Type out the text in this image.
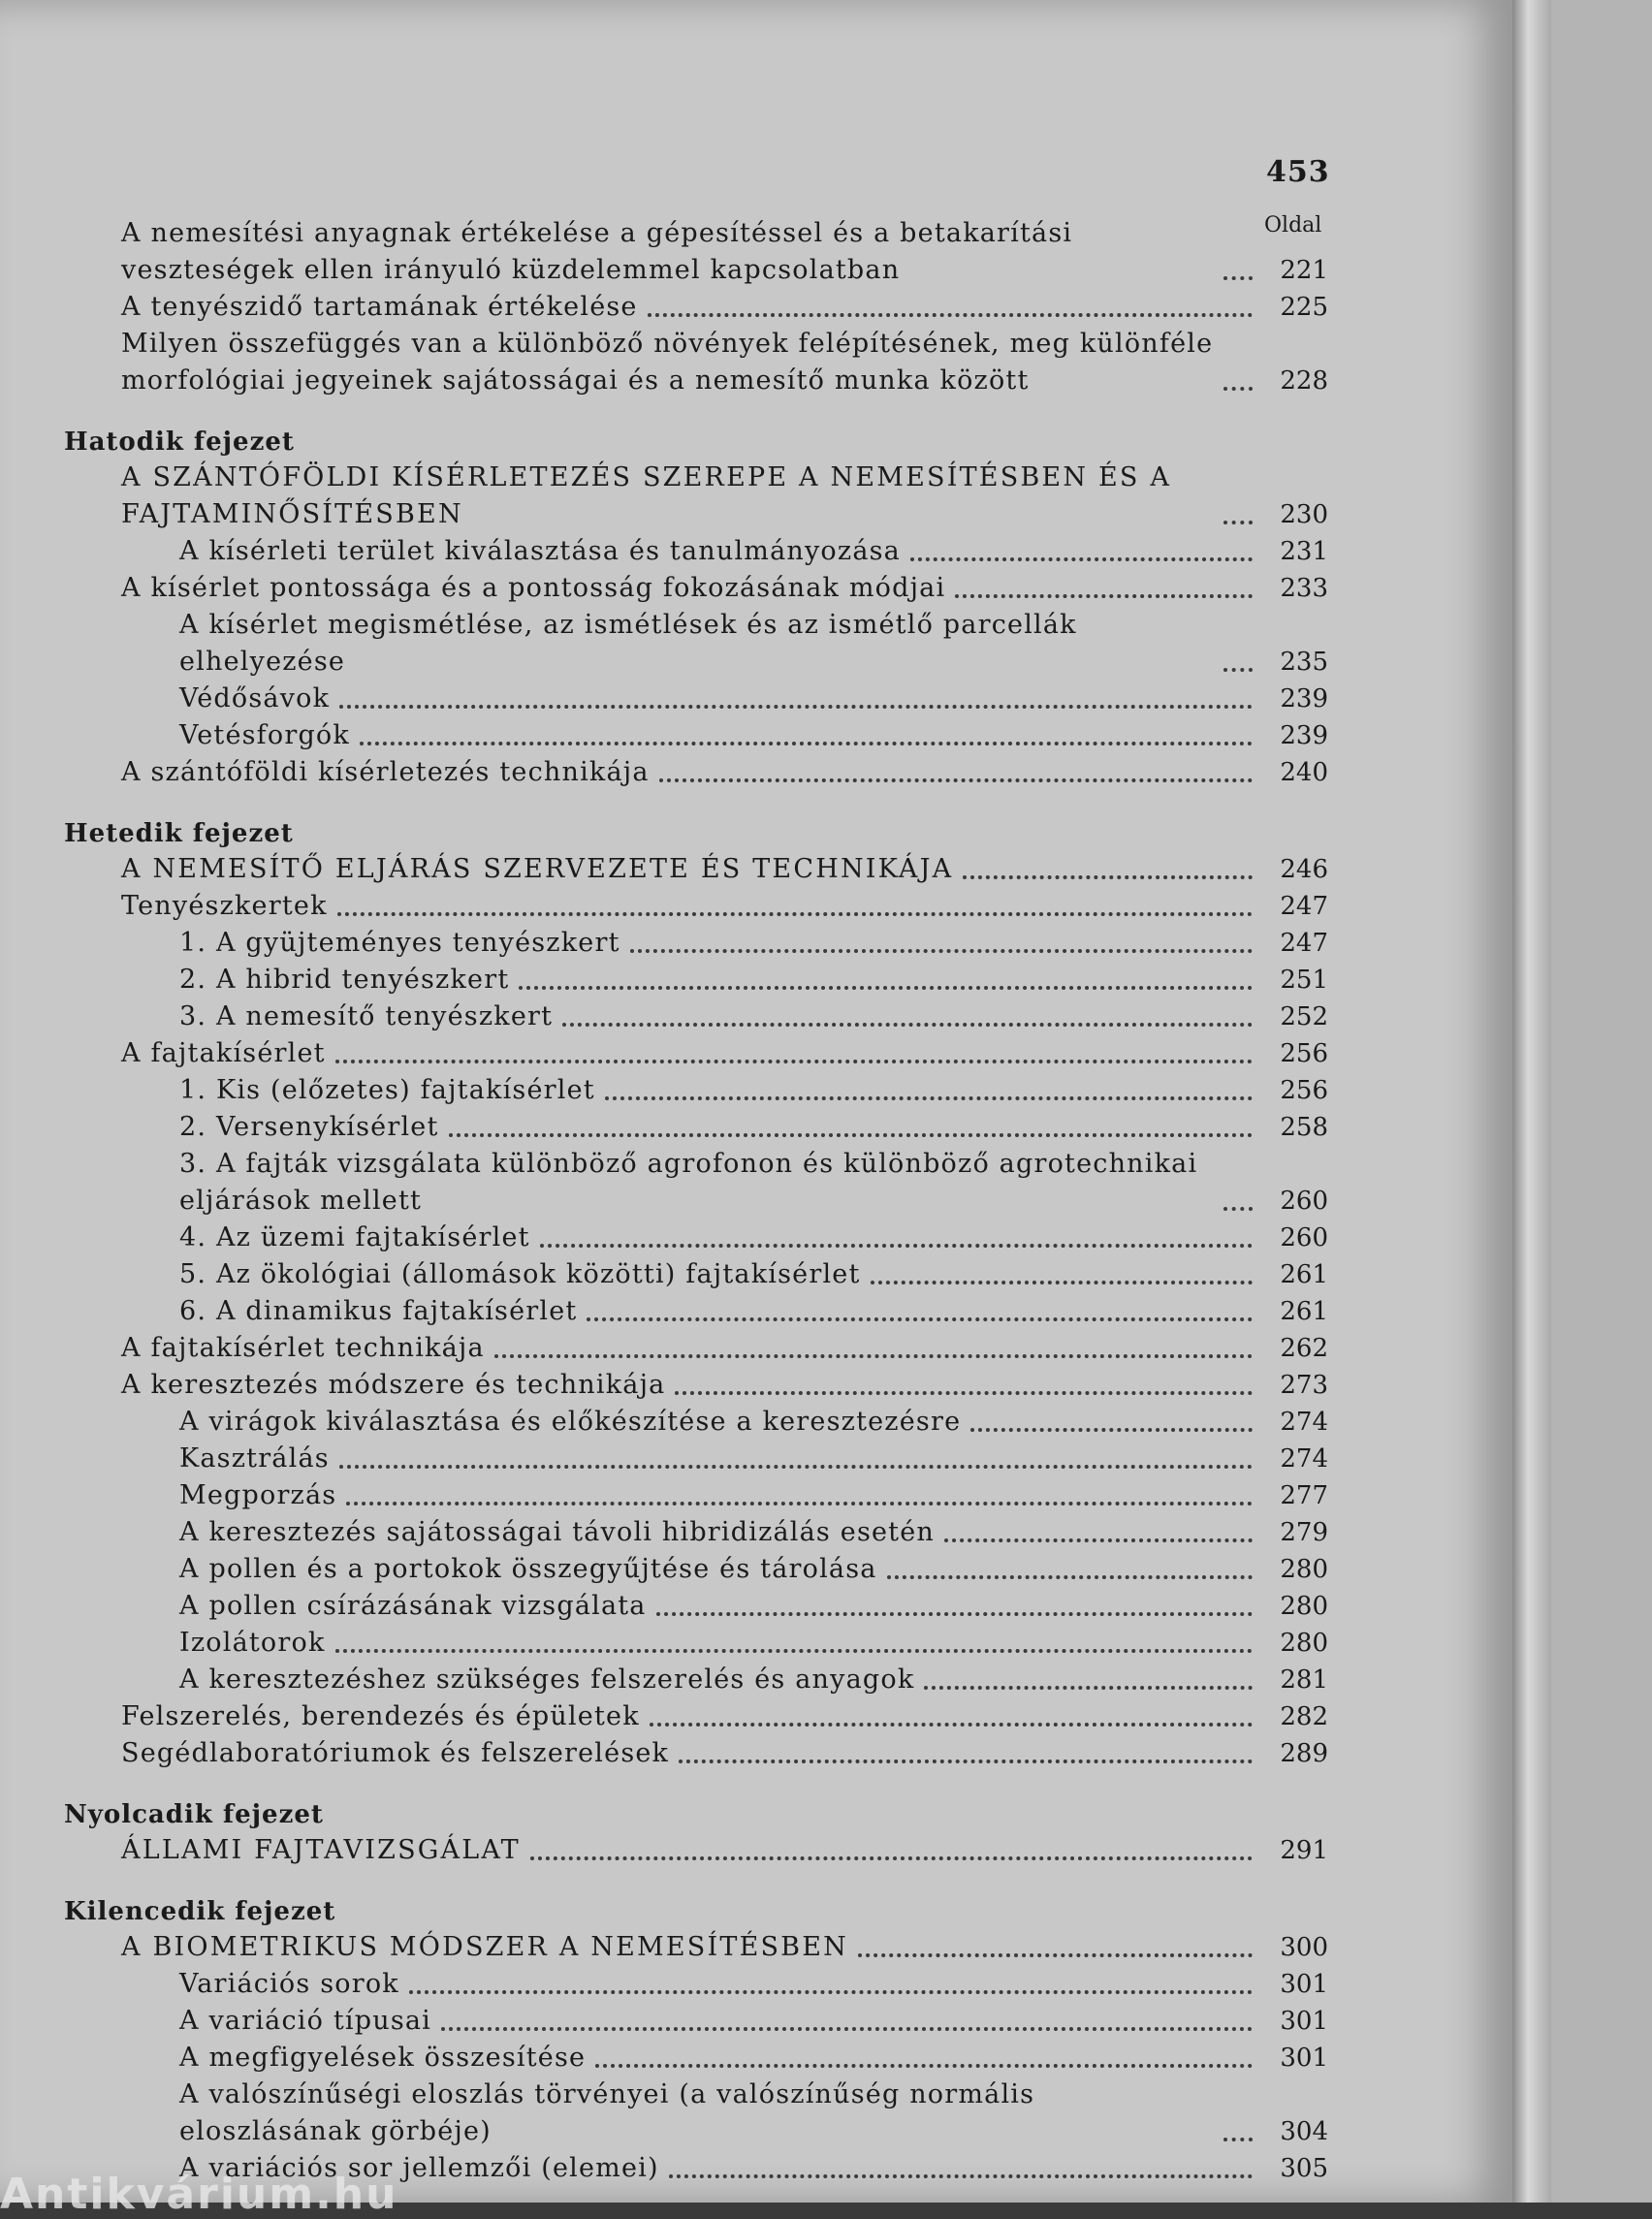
453
Oldal
A nemesítési anyagnak értékelése a gépesítéssel és a betakarítási veszteségek ellen irányuló küzdelemmel kapcsolatban	221
A tenyészidő tartamának értékelése	225
Milyen összefüggés van a különböző növények felépítésének, meg különféle morfológiai jegyeinek sajátosságai és a nemesítő munka között	228
Hatodik fejezet
A SZÁNTÓFÖLDI KÍSÉRLETEZÉS SZEREPE A NEMESÍTÉSBEN ÉS A FAJTAMINŐSÍTÉSBEN	230
A kísérleti terület kiválasztása és tanulmányozása	231
A kísérlet pontossága és a pontosság fokozásának módjai	233
A kísérlet megismétlése, az ismétlések és az ismétlő parcellák elhelyezése	235
Védősávok	239
Vetésforgók	239
A szántóföldi kísérletezés technikája	240
Hetedik fejezet
A NEMESÍTŐ ELJÁRÁS SZERVEZETE ÉS TECHNIKÁJA	246
Tenyészkertek	247
1. A gyüjteményes tenyészkert	247
2. A hibrid tenyészkert	251
3. A nemesítő tenyészkert	252
A fajtakísérlet	256
1. Kis (előzetes) fajtakísérlet	256
2. Versenykísérlet	258
3. A fajták vizsgálata különböző agrofonon és különböző agrotechnikai eljárások mellett	260
4. Az üzemi fajtakísérlet	260
5. Az ökológiai (állomások közötti) fajtakísérlet	261
6. A dinamikus fajtakísérlet	261
A fajtakísérlet technikája	262
A keresztezés módszere és technikája	273
A virágok kiválasztása és előkészítése a keresztezésre	274
Kasztrálás	274
Megporzás	277
A keresztezés sajátosságai távoli hibridizálás esetén	279
A pollen és a portokok összegyűjtése és tárolása	280
A pollen csírázásának vizsgálata	280
Izolátorok	280
A keresztezéshez szükséges felszerelés és anyagok	281
Felszerelés, berendezés és épületek	282
Segédlaboratóriumok és felszerelések	289
Nyolcadik fejezet
ÁLLAMI FAJTAVIZSGÁLAT	291
Kilencedik fejezet
A BIOMETRIKUS MÓDSZER A NEMESÍTÉSBEN	300
Variációs sorok	301
A variáció típusai	301
A megfigyelések összesítése	301
A valószínűségi eloszlás törvényei (a valószínűség normális eloszlásának görbéje)	304
A variációs sor jellemzői (elemei)	305
Antikvárium.hu
